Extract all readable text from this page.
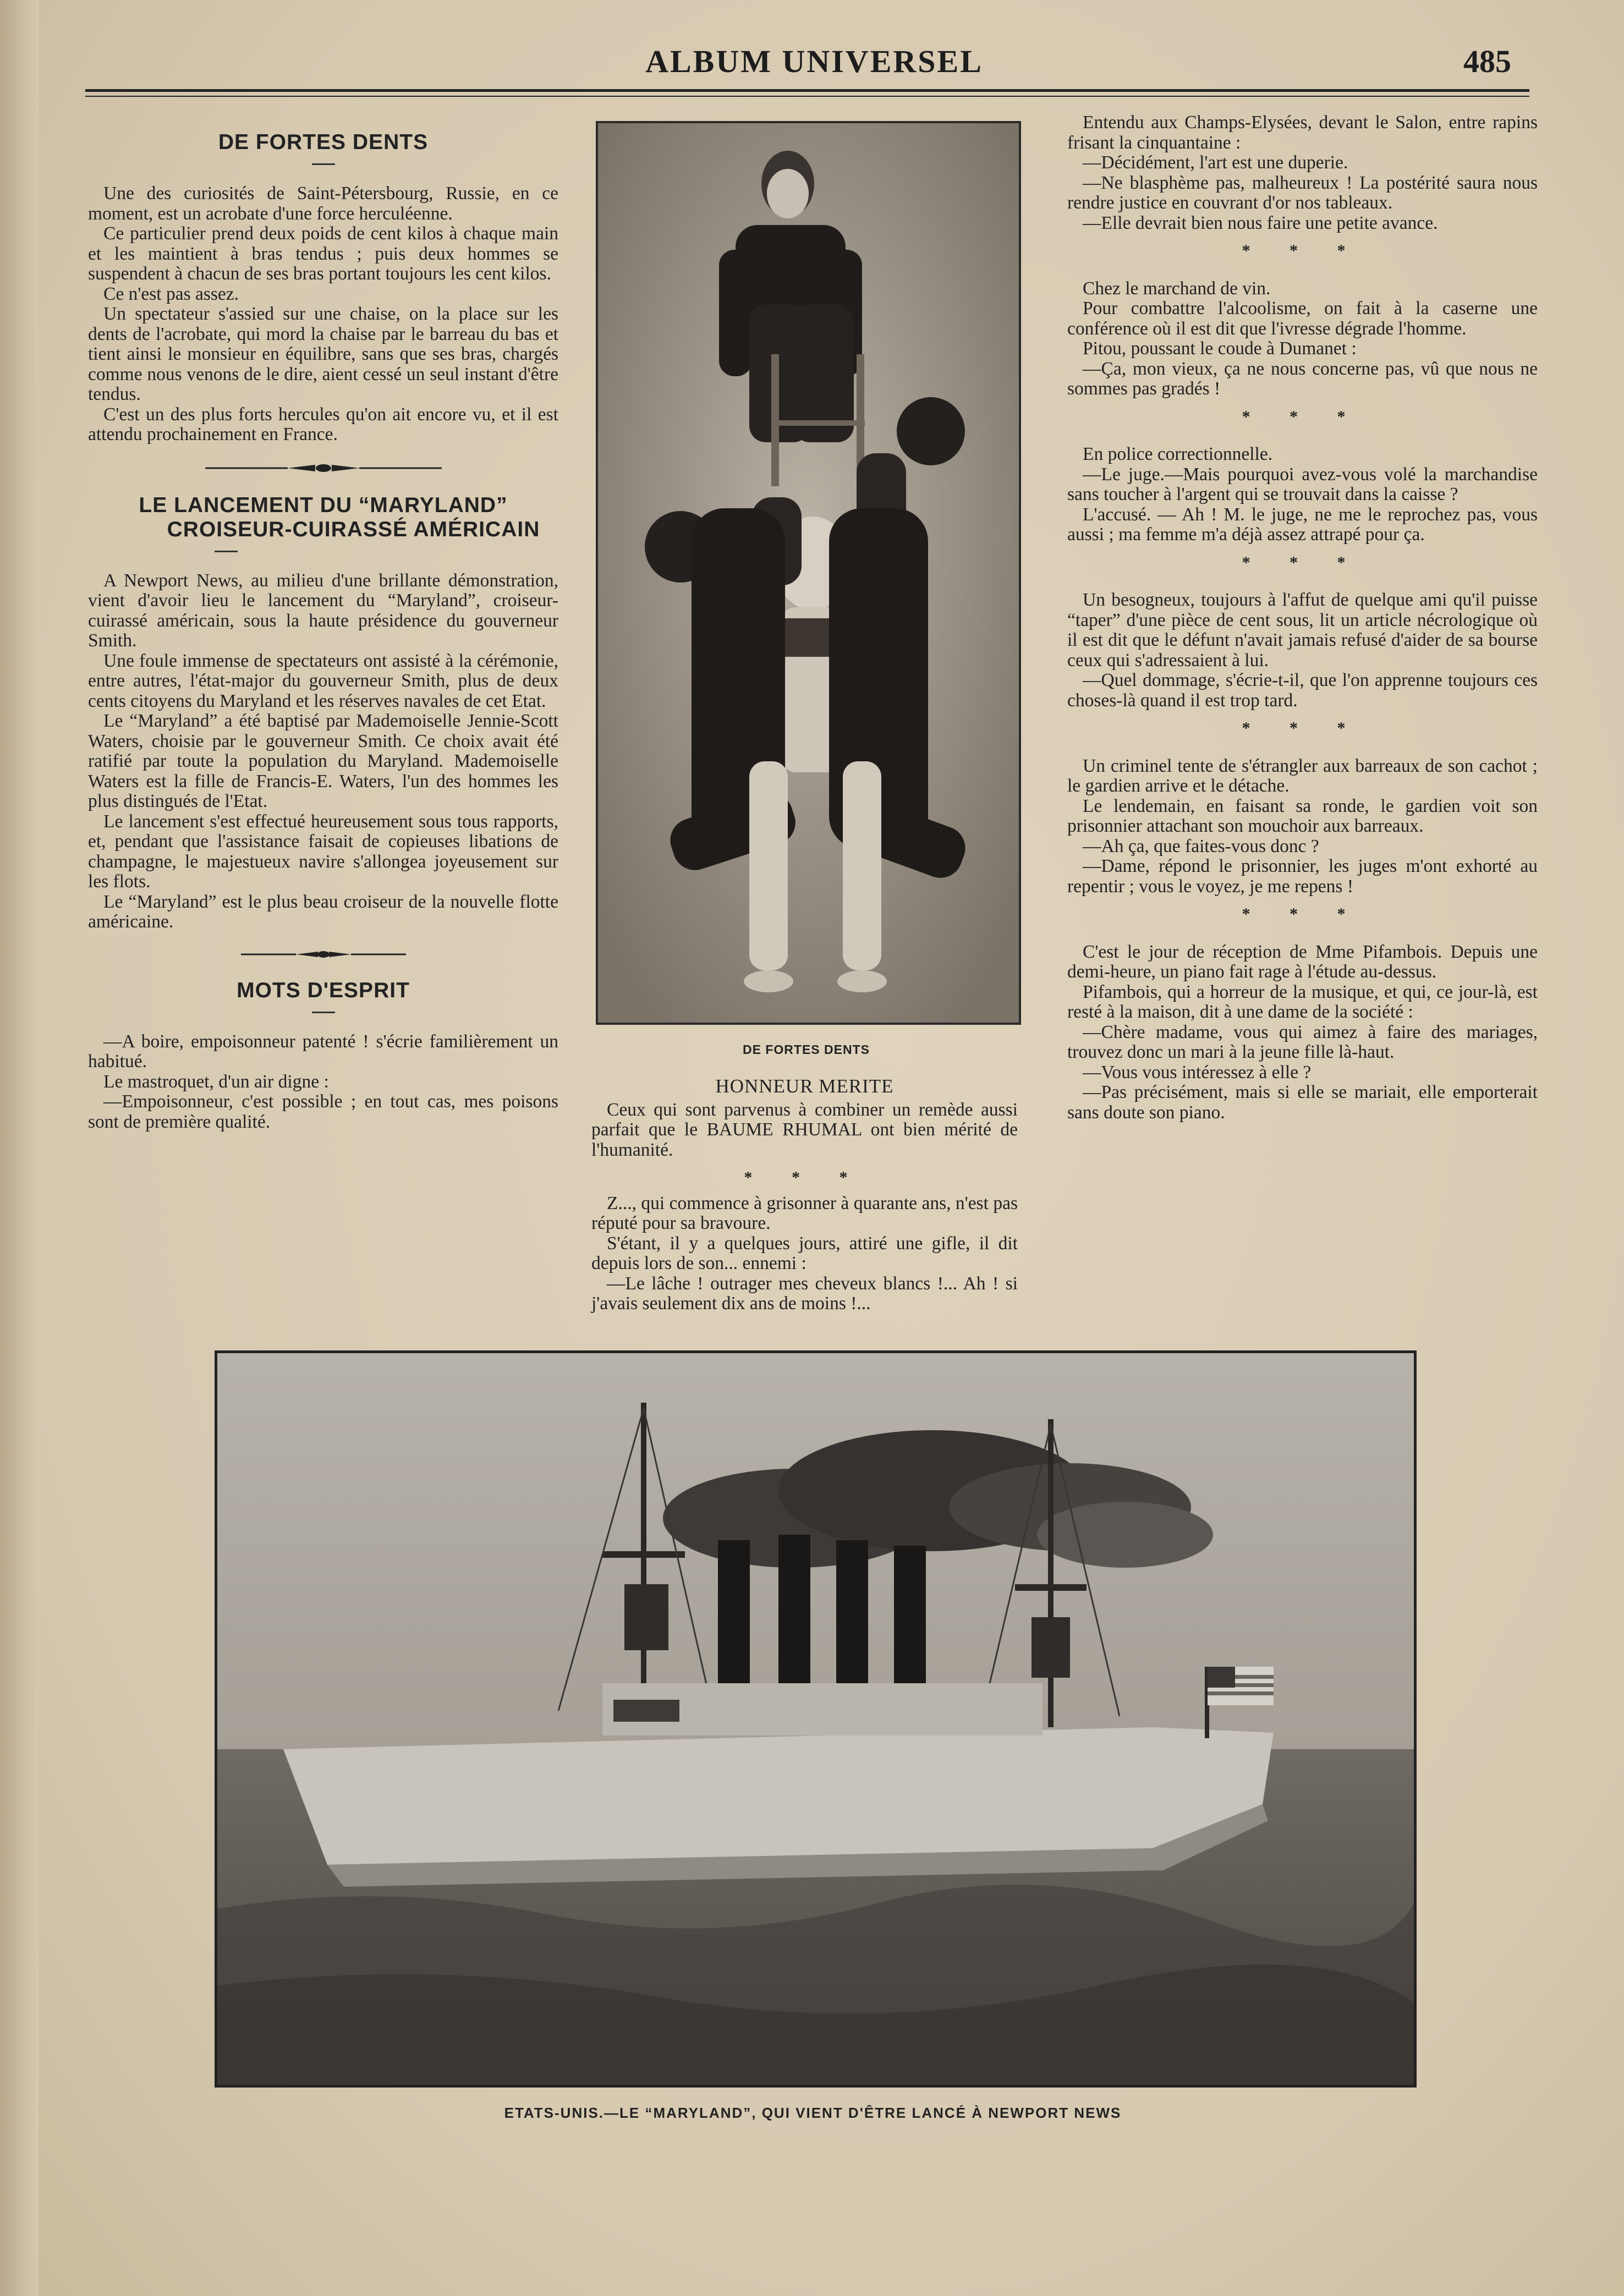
ALBUM UNIVERSEL	485
DE FORTES DENTS

Une des curiosités de Saint-Pétersbourg, Russie, en ce moment, est un acrobate d'une force herculéenne.

Ce particulier prend deux poids de cent kilos à chaque main et les maintient à bras tendus ; puis deux hommes se suspendent à chacun de ses bras portant toujours les cent kilos.

Ce n'est pas assez.

Un spectateur s'assied sur une chaise, on la place sur les dents de l'acrobate, qui mord la chaise par le barreau du bas et tient ainsi le monsieur en équilibre, sans que ses bras, chargés comme nous venons de le dire, aient cessé un seul instant d'être tendus.

C'est un des plus forts hercules qu'on ait encore vu, et il est attendu prochainement en France.

LE LANCEMENT DU “MARYLAND”
CROISEUR-CUIRASSÉ AMÉRICAIN

A Newport News, au milieu d'une brillante démonstration, vient d'avoir lieu le lancement du “Maryland”, croiseur-cuirassé américain, sous la haute présidence du gouverneur Smith.

Une foule immense de spectateurs ont assisté à la cérémonie, entre autres, l'état-major du gouverneur Smith, plus de deux cents citoyens du Maryland et les réserves navales de cet Etat.

Le “Maryland” a été baptisé par Mademoiselle Jennie-Scott Waters, choisie par le gouverneur Smith. Ce choix avait été ratifié par toute la population du Maryland. Mademoiselle Waters est la fille de Francis-E. Waters, l'un des hommes les plus distingués de l'Etat.

Le lancement s'est effectué heureusement sous tous rapports, et, pendant que l'assistance faisait de copieuses libations de champagne, le majestueux navire s'allongea joyeusement sur les flots.

Le “Maryland” est le plus beau croiseur de la nouvelle flotte américaine.

MOTS D'ESPRIT

—A boire, empoisonneur patenté ! s'écrie familièrement un habitué.

Le mastroquet, d'un air digne :

—Empoisonneur, c'est possible ; en tout cas, mes poisons sont de première qualité.

DE FORTES DENTS
HONNEUR MERITE

Ceux qui sont parvenus à combiner un remède aussi parfait que le BAUME RHUMAL ont bien mérité de l'humanité.

* * *

Z..., qui commence à grisonner à quarante ans, n'est pas réputé pour sa bravoure.

S'étant, il y a quelques jours, attiré une gifle, il dit depuis lors de son... ennemi :

—Le lâche ! outrager mes cheveux blancs !... Ah ! si j'avais seulement dix ans de moins !...

Entendu aux Champs-Elysées, devant le Salon, entre rapins frisant la cinquantaine :

—Décidément, l'art est une duperie.

—Ne blasphème pas, malheureux ! La postérité saura nous rendre justice en couvrant d'or nos tableaux.

—Elle devrait bien nous faire une petite avance.

* * *

Chez le marchand de vin.

Pour combattre l'alcoolisme, on fait à la caserne une conférence où il est dit que l'ivresse dégrade l'homme.

Pitou, poussant le coude à Dumanet :

—Ça, mon vieux, ça ne nous concerne pas, vû que nous ne sommes pas gradés !

* * *

En police correctionnelle.

—Le juge.—Mais pourquoi avez-vous volé la marchandise sans toucher à l'argent qui se trouvait dans la caisse ?

L'accusé. — Ah ! M. le juge, ne me le reprochez pas, vous aussi ; ma femme m'a déjà assez attrapé pour ça.

* * *

Un besogneux, toujours à l'affut de quelque ami qu'il puisse “taper” d'une pièce de cent sous, lit un article nécrologique où il est dit que le défunt n'avait jamais refusé d'aider de sa bourse ceux qui s'adressaient à lui.

—Quel dommage, s'écrie-t-il, que l'on apprenne toujours ces choses-là quand il est trop tard.

* * *

Un criminel tente de s'étrangler aux barreaux de son cachot ; le gardien arrive et le détache.

Le lendemain, en faisant sa ronde, le gardien voit son prisonnier attachant son mouchoir aux barreaux.

—Ah ça, que faites-vous donc ?

—Dame, répond le prisonnier, les juges m'ont exhorté au repentir ; vous le voyez, je me repens !

* * *

C'est le jour de réception de Mme Pifambois. Depuis une demi-heure, un piano fait rage à l'étude au-dessus.

Pifambois, qui a horreur de la musique, et qui, ce jour-là, est resté à la maison, dit à une dame de la société :

—Chère madame, vous qui aimez à faire des mariages, trouvez donc un mari à la jeune fille là-haut.

—Vous vous intéressez à elle ?

—Pas précisément, mais si elle se mariait, elle emporterait sans doute son piano.

ETATS-UNIS.—LE “MARYLAND”, QUI VIENT D'ÊTRE LANCÉ À NEWPORT NEWS
